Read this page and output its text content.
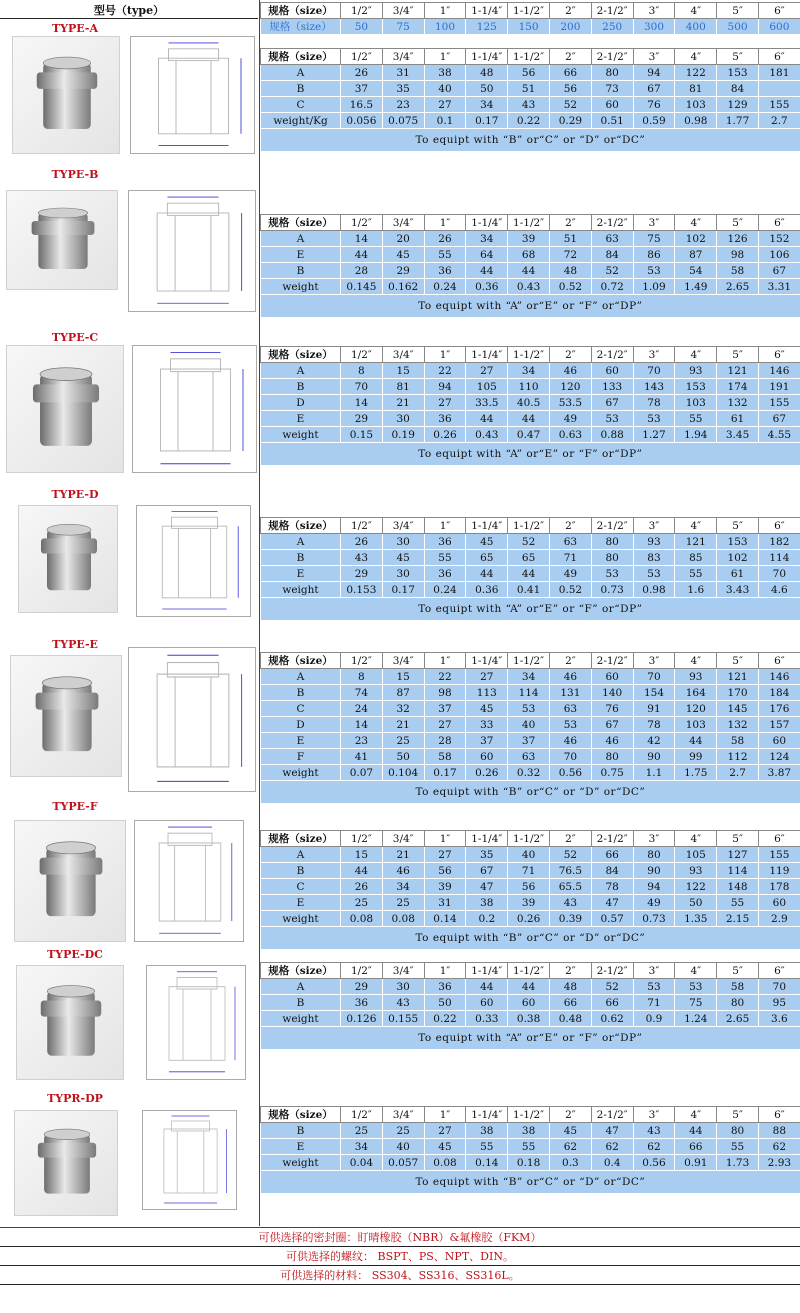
型号（type）	规格（size）	1/2″	3/4″	1″	1-1/4″	1-1/2″	2″	2-1/2″	3″	4″	5″	6″
规格（size）	50	75	100	125	150	200	250	300	400	500	600
TYPE-A
规格（size）	1/2″	3/4″	1″	1-1/4″	1-1/2″	2″	2-1/2″	3″	4″	5″	6″
A	26	31	38	48	56	66	80	94	122	153	181
B	37	35	40	50	51	56	73	67	81	84	
C	16.5	23	27	34	43	52	60	76	103	129	155
weight/Kg	0.056	0.075	0.1	0.17	0.22	0.29	0.51	0.59	0.98	1.77	2.7
To equipt with “B” or“C” or “D” or“DC”											
TYPE-B
规格（size）	1/2″	3/4″	1″	1-1/4″	1-1/2″	2″	2-1/2″	3″	4″	5″	6″
A	14	20	26	34	39	51	63	75	102	126	152
E	44	45	55	64	68	72	84	86	87	98	106
B	28	29	36	44	44	48	52	53	54	58	67
weight	0.145	0.162	0.24	0.36	0.43	0.52	0.72	1.09	1.49	2.65	3.31
To equipt with “A” or“E” or “F” or“DP”											
TYPE-C
规格（size）	1/2″	3/4″	1″	1-1/4″	1-1/2″	2″	2-1/2″	3″	4″	5″	6″
A	8	15	22	27	34	46	60	70	93	121	146
B	70	81	94	105	110	120	133	143	153	174	191
D	14	21	27	33.5	40.5	53.5	67	78	103	132	155
E	29	30	36	44	44	49	53	53	55	61	67
weight	0.15	0.19	0.26	0.43	0.47	0.63	0.88	1.27	1.94	3.45	4.55
To equipt with “A” or“E” or “F” or“DP”											
TYPE-D
规格（size）	1/2″	3/4″	1″	1-1/4″	1-1/2″	2″	2-1/2″	3″	4″	5″	6″
A	26	30	36	45	52	63	80	93	121	153	182
B	43	45	55	65	65	71	80	83	85	102	114
E	29	30	36	44	44	49	53	53	55	61	70
weight	0.153	0.17	0.24	0.36	0.41	0.52	0.73	0.98	1.6	3.43	4.6
To equipt with “A” or“E” or “F” or“DP”											
TYPE-E
规格（size）	1/2″	3/4″	1″	1-1/4″	1-1/2″	2″	2-1/2″	3″	4″	5″	6″
A	8	15	22	27	34	46	60	70	93	121	146
B	74	87	98	113	114	131	140	154	164	170	184
C	24	32	37	45	53	63	76	91	120	145	176
D	14	21	27	33	40	53	67	78	103	132	157
E	23	25	28	37	37	46	46	42	44	58	60
F	41	50	58	60	63	70	80	90	99	112	124
weight	0.07	0.104	0.17	0.26	0.32	0.56	0.75	1.1	1.75	2.7	3.87
To equipt with “B” or“C” or “D” or“DC”											
TYPE-F
规格（size）	1/2″	3/4″	1″	1-1/4″	1-1/2″	2″	2-1/2″	3″	4″	5″	6″
A	15	21	27	35	40	52	66	80	105	127	155
B	44	46	56	67	71	76.5	84	90	93	114	119
C	26	34	39	47	56	65.5	78	94	122	148	178
E	25	25	31	38	39	43	47	49	50	55	60
weight	0.08	0.08	0.14	0.2	0.26	0.39	0.57	0.73	1.35	2.15	2.9
To equipt with “B” or“C” or “D” or“DC”											
TYPE-DC
规格（size）	1/2″	3/4″	1″	1-1/4″	1-1/2″	2″	2-1/2″	3″	4″	5″	6″
A	29	30	36	44	44	48	52	53	53	58	70
B	36	43	50	60	60	66	66	71	75	80	95
weight	0.126	0.155	0.22	0.33	0.38	0.48	0.62	0.9	1.24	2.65	3.6
To equipt with “A” or“E” or “F” or“DP”											
TYPR-DP
规格（size）	1/2″	3/4″	1″	1-1/4″	1-1/2″	2″	2-1/2″	3″	4″	5″	6″
B	25	25	27	38	38	45	47	43	44	80	88
E	34	40	45	55	55	62	62	62	66	55	62
weight	0.04	0.057	0.08	0.14	0.18	0.3	0.4	0.56	0.91	1.73	2.93
To equipt with “B” or“C” or “D” or“DC”											
可供选择的密封圈：盯晴橡胶（NBR）&氟橡胶（FKM）
可供选择的螺纹： BSPT、PS、NPT、DIN。
可供选择的材料： SS304、SS316、SS316L。
